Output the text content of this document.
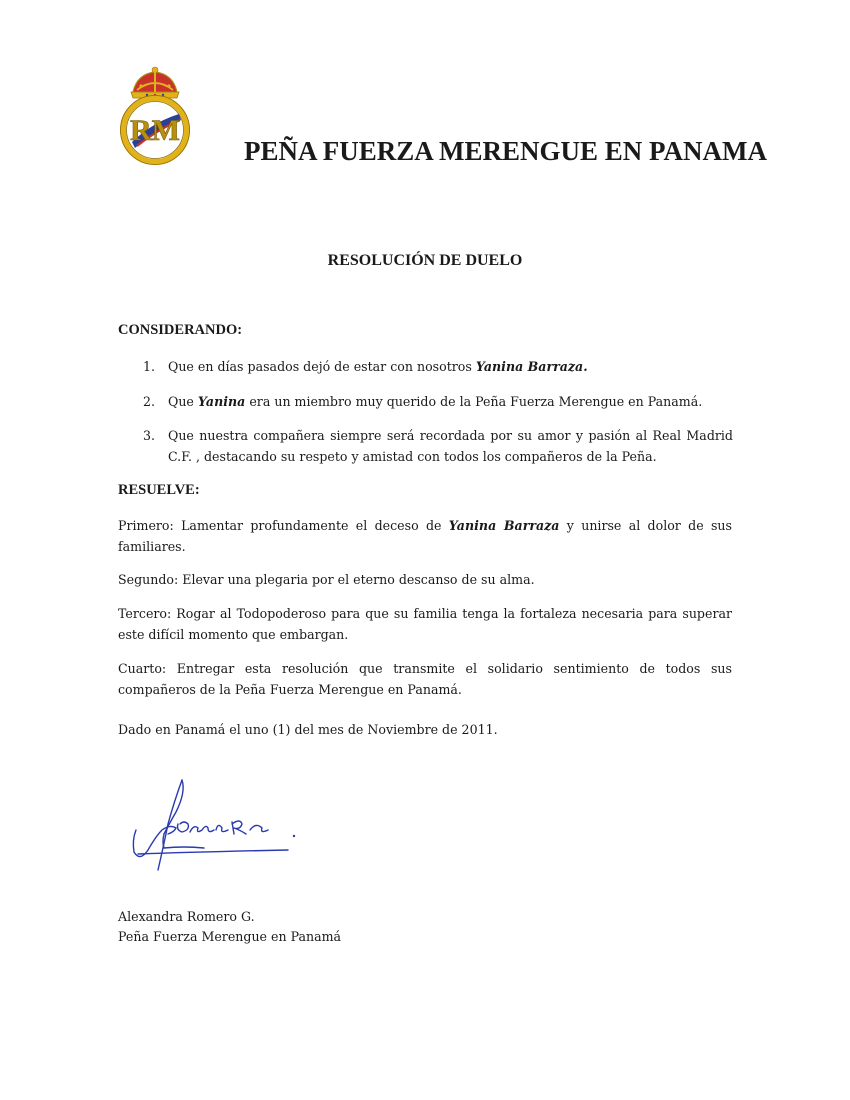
RM
PEÑA FUERZA MERENGUE EN PANAMA
RESOLUCIÓN DE DUELO
CONSIDERANDO:
1.	Que en días pasados dejó de estar con nosotros Yanina Barraza.
2.	Que Yanina era un miembro muy querido de la Peña Fuerza Merengue en Panamá.
3.	Que nuestra compañera siempre será recordada por su amor y pasión al Real Madrid C.F. , destacando su respeto y amistad con todos los compañeros de la Peña.
RESUELVE:
Primero: Lamentar profundamente el deceso de Yanina Barraza y unirse al dolor de sus familiares.
Segundo: Elevar una plegaria por el eterno descanso de su alma.
Tercero: Rogar al Todopoderoso para que su familia tenga la fortaleza necesaria para superar este difícil momento que embargan.
Cuarto: Entregar esta resolución que transmite el solidario sentimiento de todos sus compañeros de la Peña Fuerza Merengue en Panamá.
Dado en Panamá el uno (1) del mes de Noviembre de 2011.
Alexandra Romero G.
Peña Fuerza Merengue en Panamá
